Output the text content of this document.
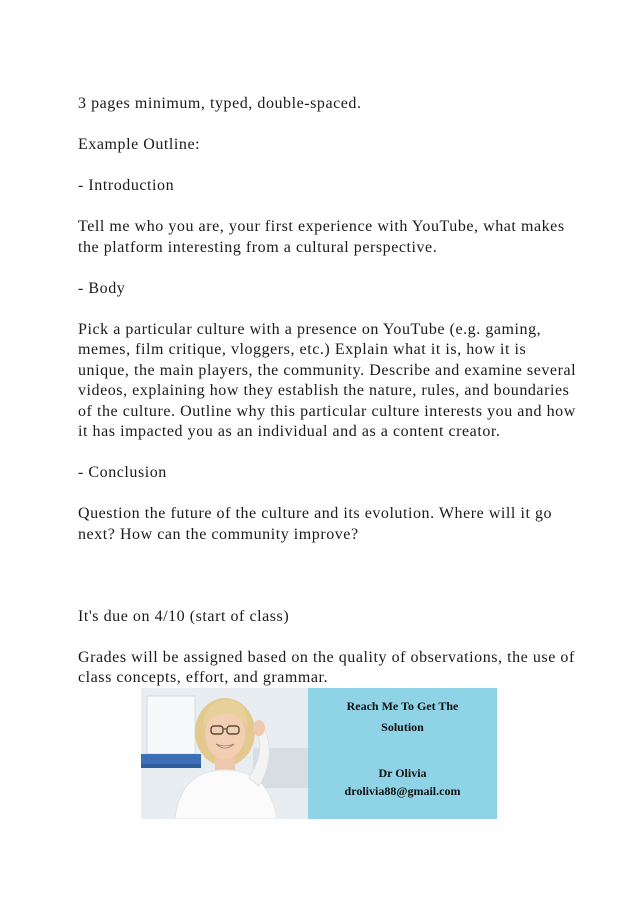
3 pages minimum, typed, double-spaced.

Example Outline:

- Introduction

Tell me who you are, your first experience with YouTube, what makes the platform interesting from a cultural perspective.

- Body

Pick a particular culture with a presence on YouTube (e.g. gaming, memes, film critique, vloggers, etc.) Explain what it is, how it is unique, the main players, the community. Describe and examine several videos, explaining how they establish the nature, rules, and boundaries of the culture. Outline why this particular culture interests you and how it has impacted you as an individual and as a content creator.

- Conclusion

Question the future of the culture and its evolution. Where will it go next? How can the community improve?

It's due on 4/10 (start of class)

Grades will be assigned based on the quality of observations, the use of class concepts, effort, and grammar.

Reach Me To Get The
Solution
Dr Olivia
drolivia88@gmail.com
